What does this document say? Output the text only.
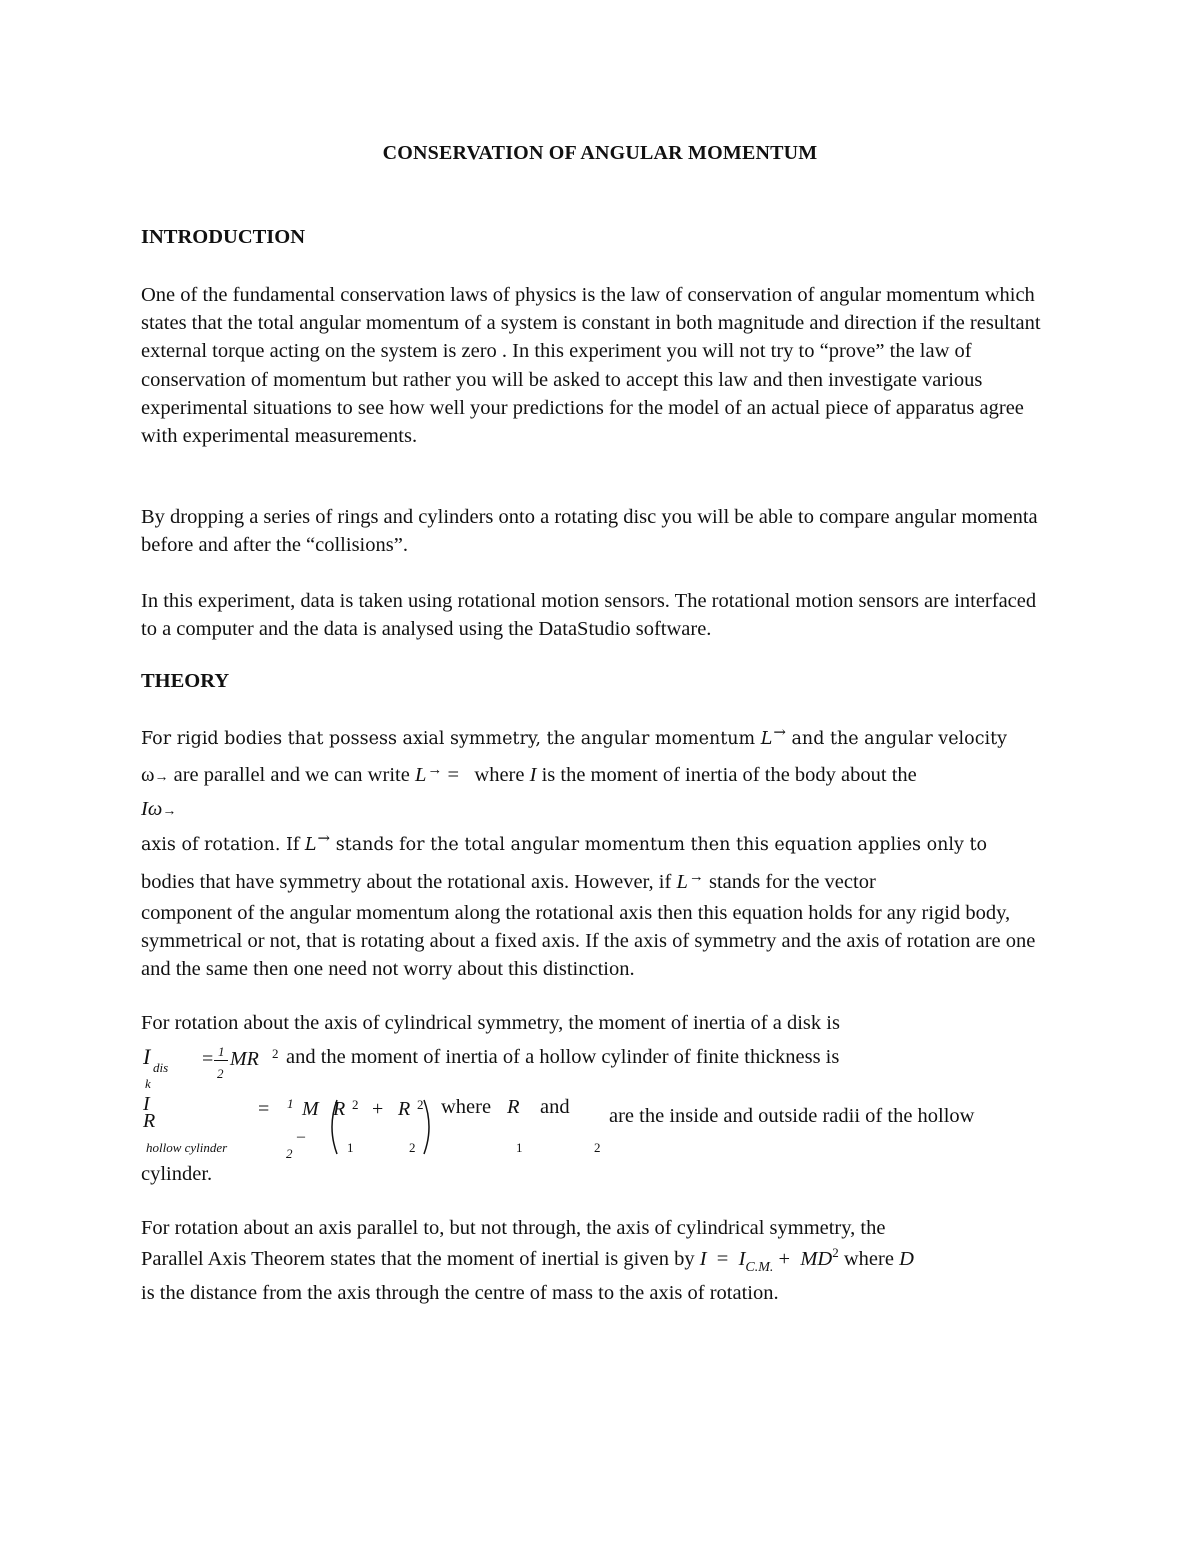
CONSERVATION OF ANGULAR MOMENTUM
INTRODUCTION

One of the fundamental conservation laws of physics is the law of conservation of angular momentum which states that the total angular momentum of a system is constant in both magnitude and direction if the resultant external torque acting on the system is zero . In this experiment you will not try to “prove” the law of conservation of momentum but rather you will be asked to accept this law and then investigate various experimental situations to see how well your predictions for the model of an actual piece of apparatus agree with experimental measurements.

By dropping a series of rings and cylinders onto a rotating disc you will be able to compare angular momenta before and after the “collisions”.

In this experiment, data is taken using rotational motion sensors. The rotational motion sensors are interfaced to a computer and the data is analysed using the DataStudio software.

THEORY
For rigid bodies that possess axial symmetry, the angular momentum L→ and the angular velocity
ω→ are parallel and we can write L→ = where I is the moment of inertia of the body about the
Iω→
axis of rotation. If L→ stands for the total angular momentum then this equation applies only to
bodies that have symmetry about the rotational axis. However, if L→ stands for the vector

component of the angular momentum along the rotational axis then this equation holds for any rigid body, symmetrical or not, that is rotating about a fixed axis. If the axis of symmetry and the axis of rotation are one and the same then one need not worry about this distinction.

For rotation about the axis of cylindrical symmetry, the moment of inertia of a disk is
I dis
k
= 1
2
MR 2 and the moment of inertia of a hollow cylinder of finite thickness is
I
R
hollow cylinder
= 1
–
2
M R 2
1
+ R 2
2
where R
1
and
2
are the inside and outside radii of the hollow
cylinder.
For rotation about an axis parallel to, but not through, the axis of cylindrical symmetry, the
Parallel Axis Theorem states that the moment of inertial is given by $I = I_{C.M.} + MD^2$ where D
is the distance from the axis through the centre of mass to the axis of rotation.
